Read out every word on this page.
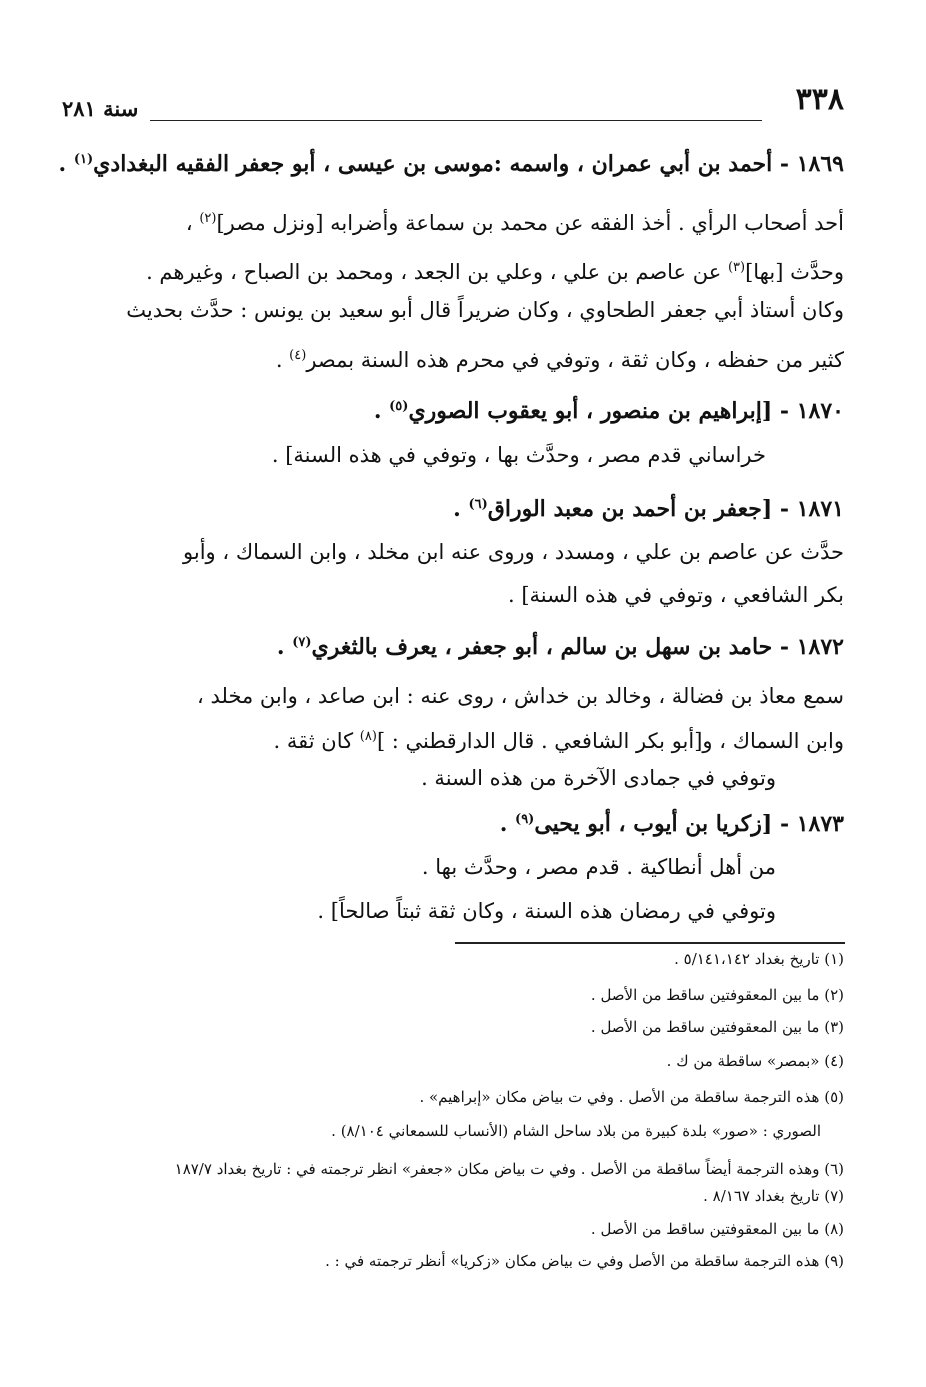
٣٣٨
سنة ٢٨١
١٨٦٩ - أحمد بن أبي عمران ، واسمه :موسى بن عيسى ، أبو جعفر الفقيه البغدادي$^{(١)}$ .
أحد أصحاب الرأي . أخذ الفقه عن محمد بن سماعة وأضرابه [ونزل مصر]$^{(٢)}$ ،
وحدَّث [بها]$^{(٣)}$ عن عاصم بن علي ، وعلي بن الجعد ، ومحمد بن الصباح ، وغيرهم .
وكان أستاذ أبي جعفر الطحاوي ، وكان ضريراً قال أبو سعيد بن يونس : حدَّث بحديث
كثير من حفظه ، وكان ثقة ، وتوفي في محرم هذه السنة بمصر$^{(٤)}$ .
١٨٧٠ - [إبراهيم بن منصور ، أبو يعقوب الصوري$^{(٥)}$ .
خراساني قدم مصر ، وحدَّث بها ، وتوفي في هذه السنة] .
١٨٧١ - [جعفر بن أحمد بن معبد الوراق$^{(٦)}$ .
حدَّث عن عاصم بن علي ، ومسدد ، وروى عنه ابن مخلد ، وابن السماك ، وأبو
بكر الشافعي ، وتوفي في هذه السنة] .
١٨٧٢ - حامد بن سهل بن سالم ، أبو جعفر ، يعرف بالثغري$^{(٧)}$ .
سمع معاذ بن فضالة ، وخالد بن خداش ، روى عنه : ابن صاعد ، وابن مخلد ،
وابن السماك ، و[أبو بكر الشافعي . قال الدارقطني : ]$^{(٨)}$ كان ثقة .
وتوفي في جمادى الآخرة من هذه السنة .
١٨٧٣ - [زكريا بن أيوب ، أبو يحيى$^{(٩)}$ .
من أهل أنطاكية . قدم مصر ، وحدَّث بها .
وتوفي في رمضان هذه السنة ، وكان ثقة ثبتاً صالحاً] .
(١) تاريخ بغداد ٥/١٤١،١٤٢ .
(٢) ما بين المعقوفتين ساقط من الأصل .
(٣) ما بين المعقوفتين ساقط من الأصل .
(٤) «بمصر» ساقطة من ك .
(٥) هذه الترجمة ساقطة من الأصل . وفي ت بياض مكان «إبراهيم» .
الصوري : «صور» بلدة كبيرة من بلاد ساحل الشام (الأنساب للسمعاني ٨/١٠٤) .
(٦) وهذه الترجمة أيضاً ساقطة من الأصل . وفي ت بياض مكان «جعفر» انظر ترجمته في : تاريخ بغداد ١٨٧/٧
(٧) تاريخ بغداد ٨/١٦٧ .
(٨) ما بين المعقوفتين ساقط من الأصل .
(٩) هذه الترجمة ساقطة من الأصل وفي ت بياض مكان «زكريا» أنظر ترجمته في : .
